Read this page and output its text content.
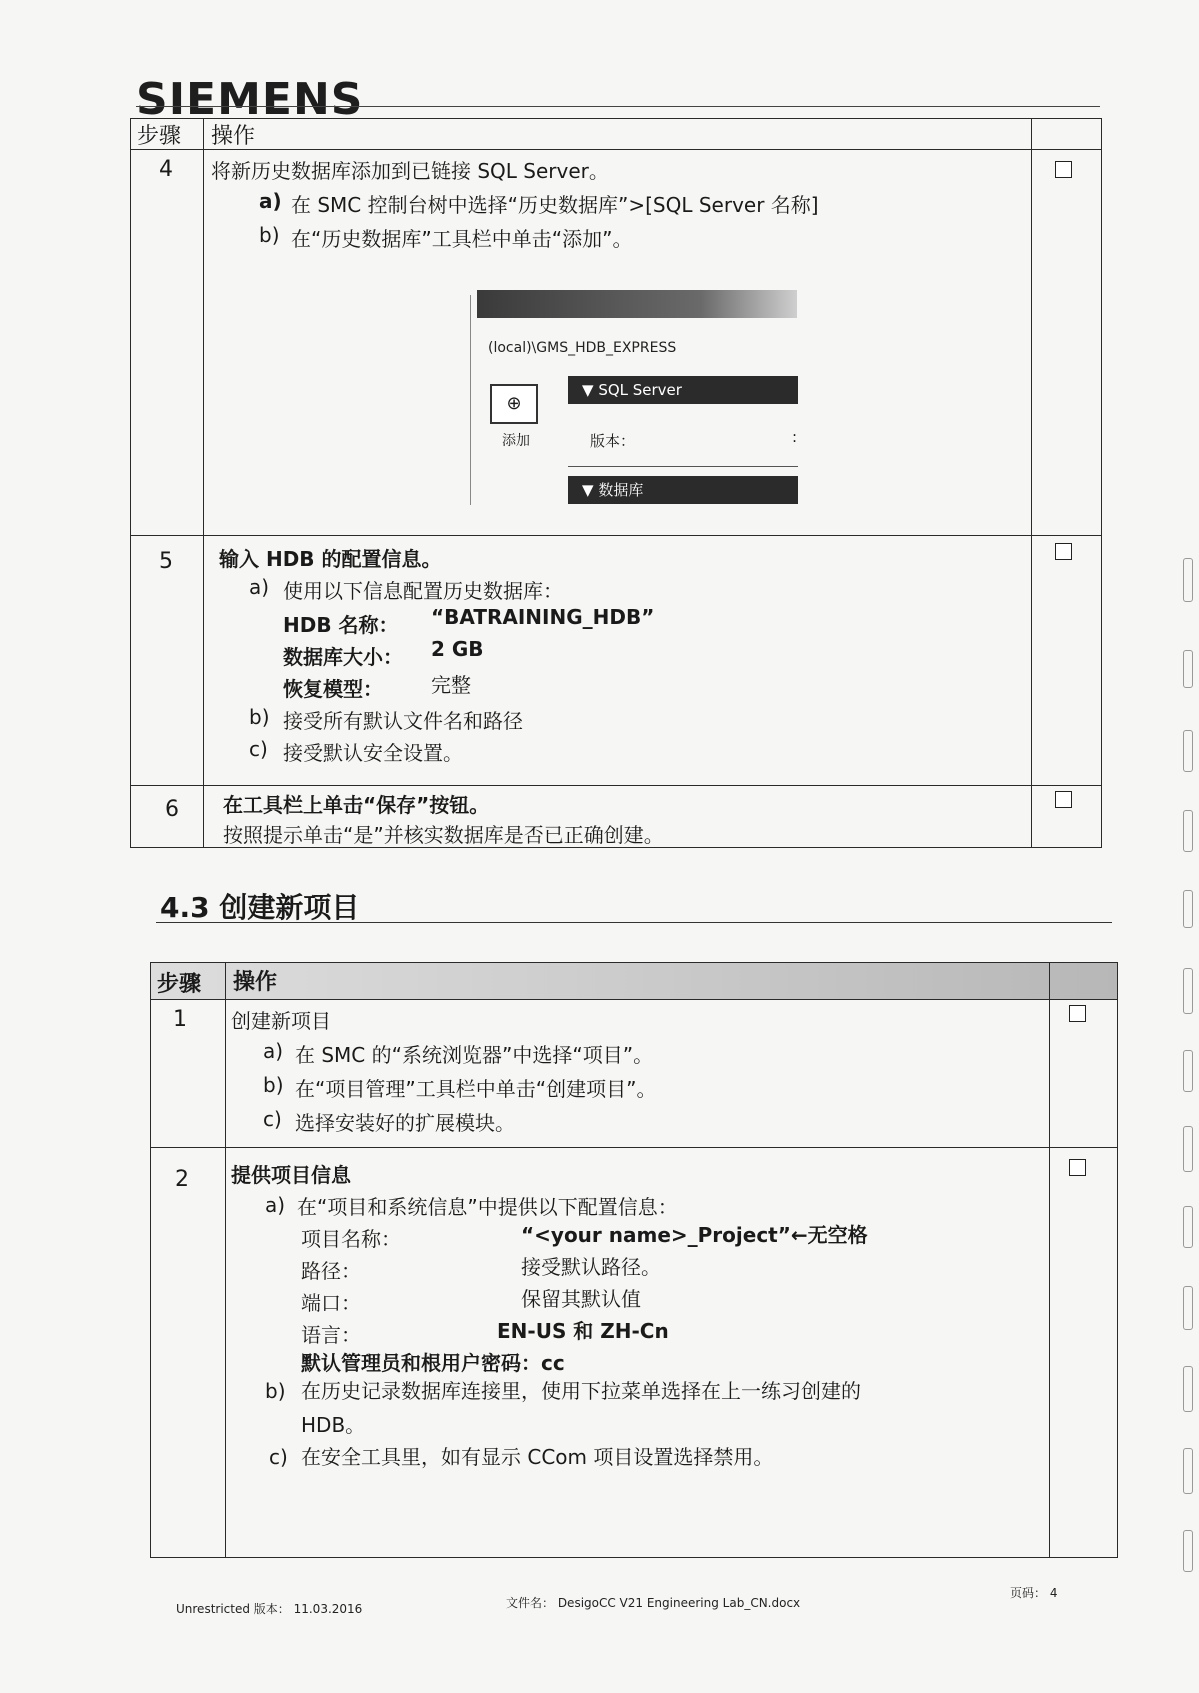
SIEMENS
步骤 操作
4 将新历史数据库添加到已链接 SQL Server。
a) 在 SMC 控制台树中选择“历史数据库”>[SQL Server 名称]
b) 在“历史数据库”工具栏中单击“添加”。
5 输入 HDB 的配置信息。
a) 使用以下信息配置历史数据库：
HDB 名称： “BATRAINING_HDB”
数据库大小： 2 GB
恢复模型： 完整
b) 接受所有默认文件名和路径
c) 接受默认安全设置。
6 在工具栏上单击“保存”按钮。
按照提示单击“是”并核实数据库是否已正确创建。
(local)\GMS_HDB_EXPRESS
⊕
添加
▼ SQL Server
版本：	:
▼ 数据库
4.3 创建新项目
步骤 操作
1 创建新项目
a) 在 SMC 的“系统浏览器”中选择“项目”。
b) 在“项目管理”工具栏中单击“创建项目”。
c) 选择安装好的扩展模块。
2 提供项目信息
a) 在“项目和系统信息”中提供以下配置信息：
项目名称：	“<your name>_Project”←无空格
路径：	接受默认路径。
端口：	保留其默认值
语言：	EN-US 和 ZH-Cn
默认管理员和根用户密码：cc
b) 在历史记录数据库连接里，使用下拉菜单选择在上一练习创建的
HDB。
c) 在安全工具里，如有显示 CCom 项目设置选择禁用。
Unrestricted 版本： 11.03.2016	文件名： DesigoCC V21 Engineering Lab_CN.docx
页码： 4
